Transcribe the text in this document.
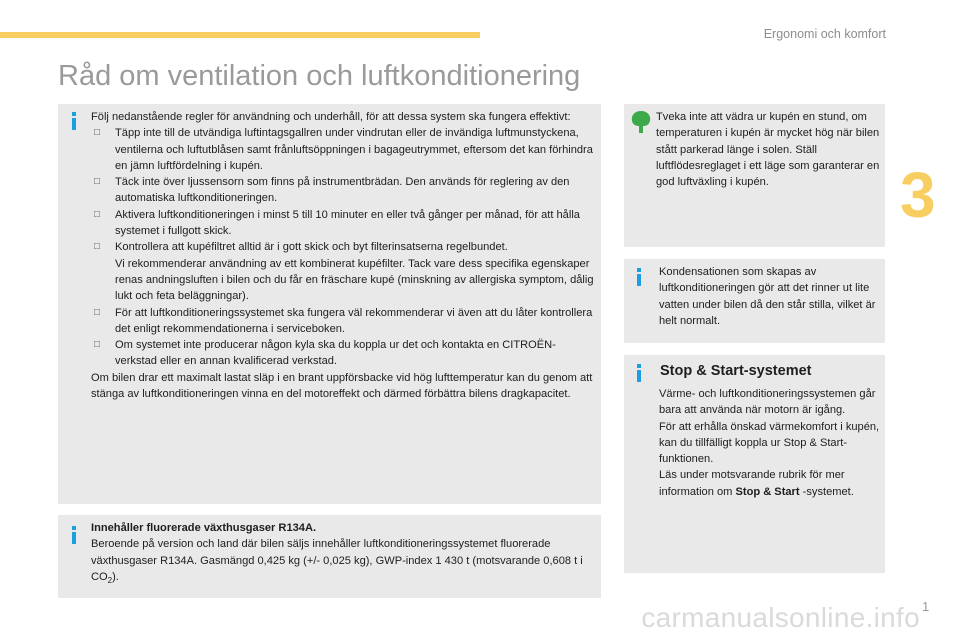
Ergonomi och komfort
3
Råd om ventilation och luftkonditionering

Följ nedanstående regler för användning och underhåll, för att dessa system ska fungera effektivt:

□ Täpp inte till de utvändiga luftintagsgallren under vindrutan eller de invändiga luftmunstyckena, ventilerna och luftutblåsen samt frånluftsöppningen i bagageutrymmet, eftersom det kan förhindra en jämn luftfördelning i kupén.
□ Täck inte över ljussensorn som finns på instrumentbrädan. Den används för reglering av den automatiska luftkonditioneringen.
□ Aktivera luftkonditioneringen i minst 5 till 10 minuter en eller två gånger per månad, för att hålla systemet i fullgott skick.
□ Kontrollera att kupéfiltret alltid är i gott skick och byt filterinsatserna regelbundet.
Vi rekommenderar användning av ett kombinerat kupéfilter. Tack vare dess specifika egenskaper renas andningsluften i bilen och du får en fräschare kupé (minskning av allergiska symptom, dålig lukt och feta beläggningar).
□ För att luftkonditioneringssystemet ska fungera väl rekommenderar vi även att du låter kontrollera det enligt rekommendationerna i serviceboken.
□ Om systemet inte producerar någon kyla ska du koppla ur det och kontakta en CITROËN-verkstad eller en annan kvalificerad verkstad.

Om bilen drar ett maximalt lastat släp i en brant uppförsbacke vid hög lufttemperatur kan du genom att stänga av luftkonditioneringen vinna en del motoreffekt och därmed förbättra bilens dragkapacitet.

Innehåller fluorerade växthusgaser R134A.

Beroende på version och land där bilen säljs innehåller luftkonditioneringssystemet fluorerade växthusgaser R134A. Gasmängd 0,425 kg (+/- 0,025 kg), GWP-index 1 430 t (motsvarande 0,608 t i $CO_2$).

Tveka inte att vädra ur kupén en stund, om temperaturen i kupén är mycket hög när bilen stått parkerad länge i solen. Ställ luftflödesreglaget i ett läge som garanterar en god luftväxling i kupén.
Kondensationen som skapas av luftkonditioneringen gör att det rinner ut lite vatten under bilen då den står stilla, vilket är helt normalt.
Stop & Start-systemet

Värme- och luftkonditioneringssystemen går bara att använda när motorn är igång.

För att erhålla önskad värmekomfort i kupén, kan du tillfälligt koppla ur Stop & Start-funktionen.

Läs under motsvarande rubrik för mer information om Stop & Start -systemet.

carmanualsonline.info 1
